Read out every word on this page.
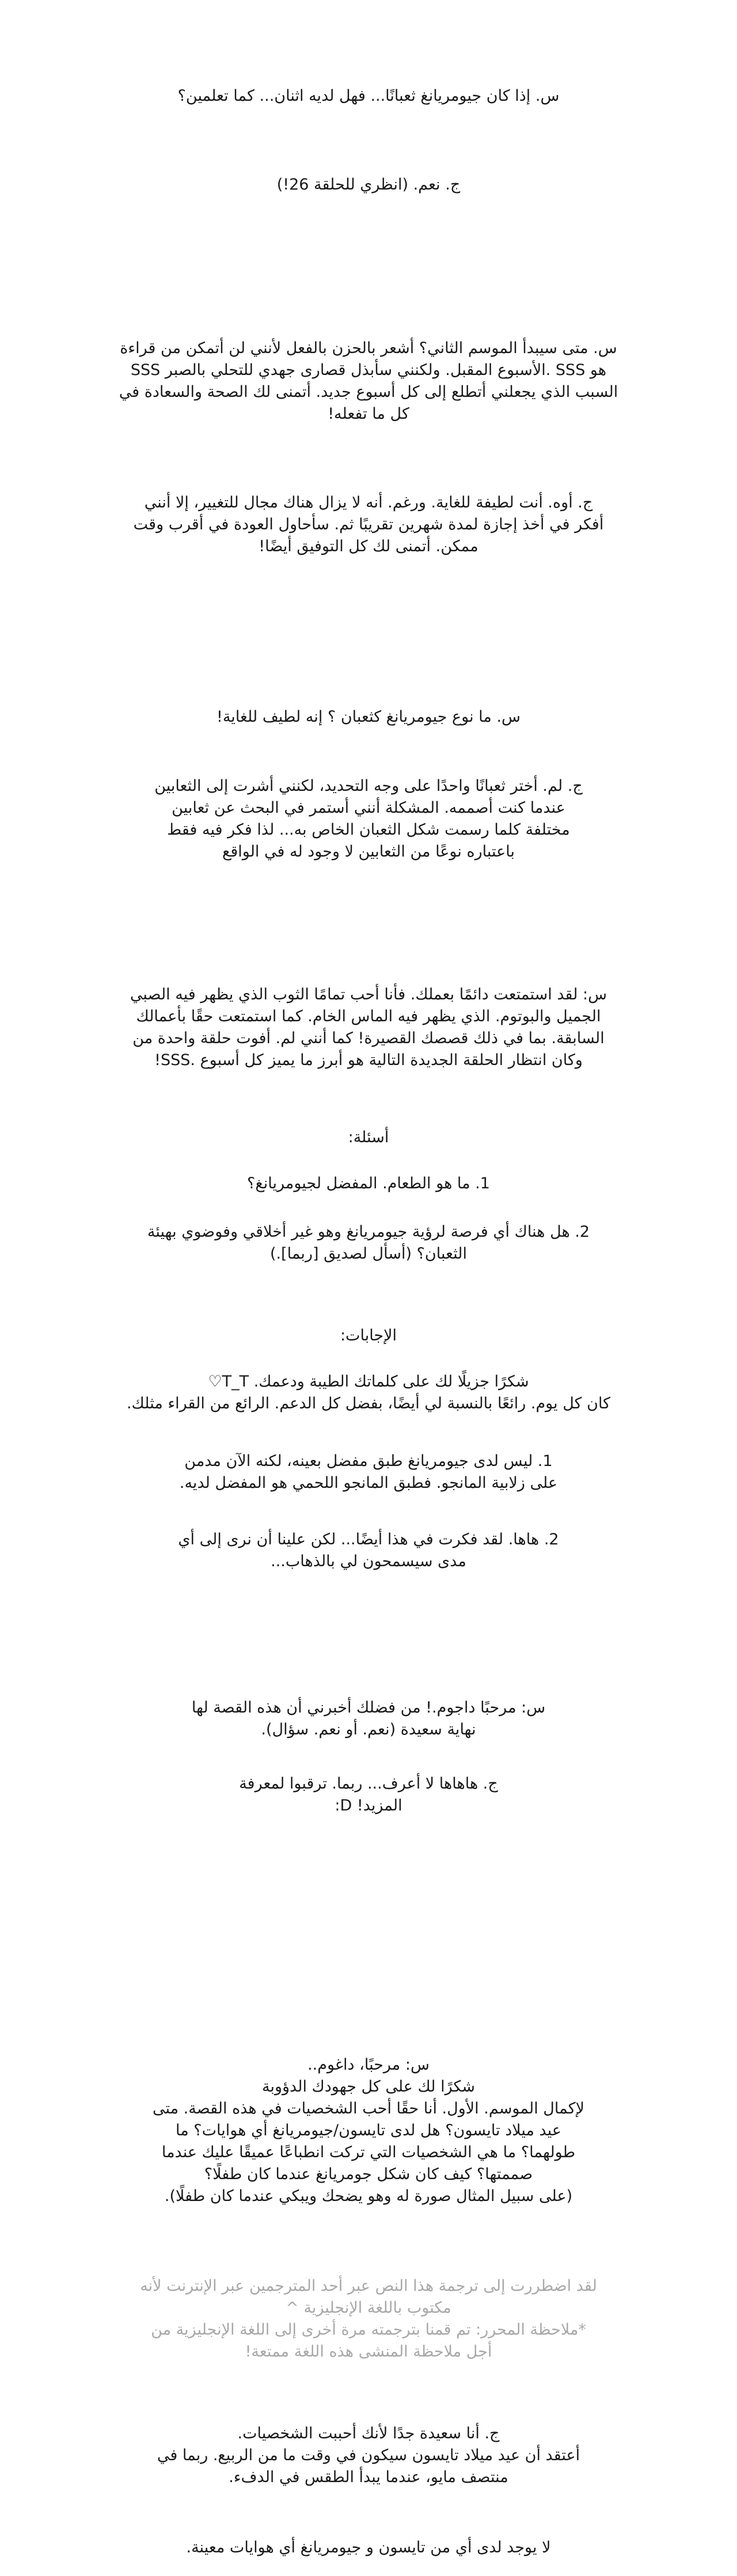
س. إذا كان جيومريانغ ثعبانًا... فهل لديه اثنان... كما تعلمين؟

ج. نعم. (انظري للحلقة 26!)

س. متى سيبدأ الموسم الثاني؟ أشعر بالحزن بالفعل لأنني لن أتمكن من قراءة
هو SSS .الأسبوع المقبل. ولكنني سأبذل قصارى جهدي للتحلي بالصبر SSS
السبب الذي يجعلني أتطلع إلى كل أسبوع جديد. أتمنى لك الصحة والسعادة في
كل ما تفعله!

ج. أوه. أنت لطيفة للغاية. ورغم. أنه لا يزال هناك مجال للتغيير، إلا أنني
أفكر في أخذ إجازة لمدة شهرين تقريبًا ثم. سأحاول العودة في أقرب وقت
ممكن. أتمنى لك كل التوفيق أيضًا!

س. ما نوع جيومريانغ كثعبان ؟ إنه لطيف للغاية!

ج. لم. أختر ثعبانًا واحدًا على وجه التحديد، لكنني أشرت إلى الثعابين
عندما كنت أصممه. المشكلة أنني أستمر في البحث عن ثعابين
مختلفة كلما رسمت شكل الثعبان الخاص به... لذا فكر فيه فقط
باعتباره نوعًا من الثعابين لا وجود له في الواقع

س: لقد استمتعت دائمًا بعملك. فأنا أحب تمامًا الثوب الذي يظهر فيه الصبي
الجميل والبوتوم. الذي يظهر فيه الماس الخام. كما استمتعت حقًا بأعمالك
السابقة. بما في ذلك قصصك القصيرة! كما أنني لم. أفوت حلقة واحدة من
وكان انتظار الحلقة الجديدة التالية هو أبرز ما يميز كل أسبوع .SSS!

أسئلة:

1. ما هو الطعام. المفضل لجيومريانغ؟

2. هل هناك أي فرصة لرؤية جيومريانغ وهو غير أخلاقي وفوضوي بهيئة
الثعبان؟ (أسأل لصديق [ربما].)

الإجابات:

شكرًا جزيلًا لك على كلماتك الطيبة ودعمك. T_T♡
كان كل يوم. رائعًا بالنسبة لي أيضًا، بفضل كل الدعم. الرائع من القراء مثلك.

1. ليس لدى جيومريانغ طبق مفضل بعينه، لكنه الآن مدمن
على زلابية المانجو. فطبق المانجو اللحمي هو المفضل لديه.

2. هاها. لقد فكرت في هذا أيضًا... لكن علينا أن نرى إلى أي
مدى سيسمحون لي بالذهاب...

س: مرحبًا داجوم.! من فضلك أخبرني أن هذه القصة لها
نهاية سعيدة (نعم. أو نعم. سؤال).

ج. هاهاها لا أعرف... ربما. ترقبوا لمعرفة
المزيد! D:

س: مرحبًا، داغوم..
شكرًا لك على كل جهودك الدؤوبة
لإكمال الموسم. الأول. أنا حقًا أحب الشخصيات في هذه القصة. متى
عيد ميلاد تايسون؟ هل لدى تايسون/جيومريانغ أي هوايات؟ ما
طولهما؟ ما هي الشخصيات التي تركت انطباعًا عميقًا عليك عندما
صممتها؟ كيف كان شكل جومريانغ عندما كان طفلًا؟
(على سبيل المثال صورة له وهو يضحك ويبكي عندما كان طفلًا).

لقد اضطررت إلى ترجمة هذا النص عبر أحد المترجمين عبر الإنترنت لأنه
مكتوب باللغة الإنجليزية ^
*ملاحظة المحرر: تم قمنا بترجمته مرة أخرى إلى اللغة الإنجليزية من
أجل ملاحظة المنشى هذه اللغة ممتعة!

ج. أنا سعيدة جدًا لأنك أحببت الشخصيات.
أعتقد أن عيد ميلاد تايسون سيكون في وقت ما من الربيع. ربما في
منتصف مايو، عندما يبدأ الطقس في الدفء.

لا يوجد لدى أي من تايسون و جيومريانغ أي هوايات معينة.
